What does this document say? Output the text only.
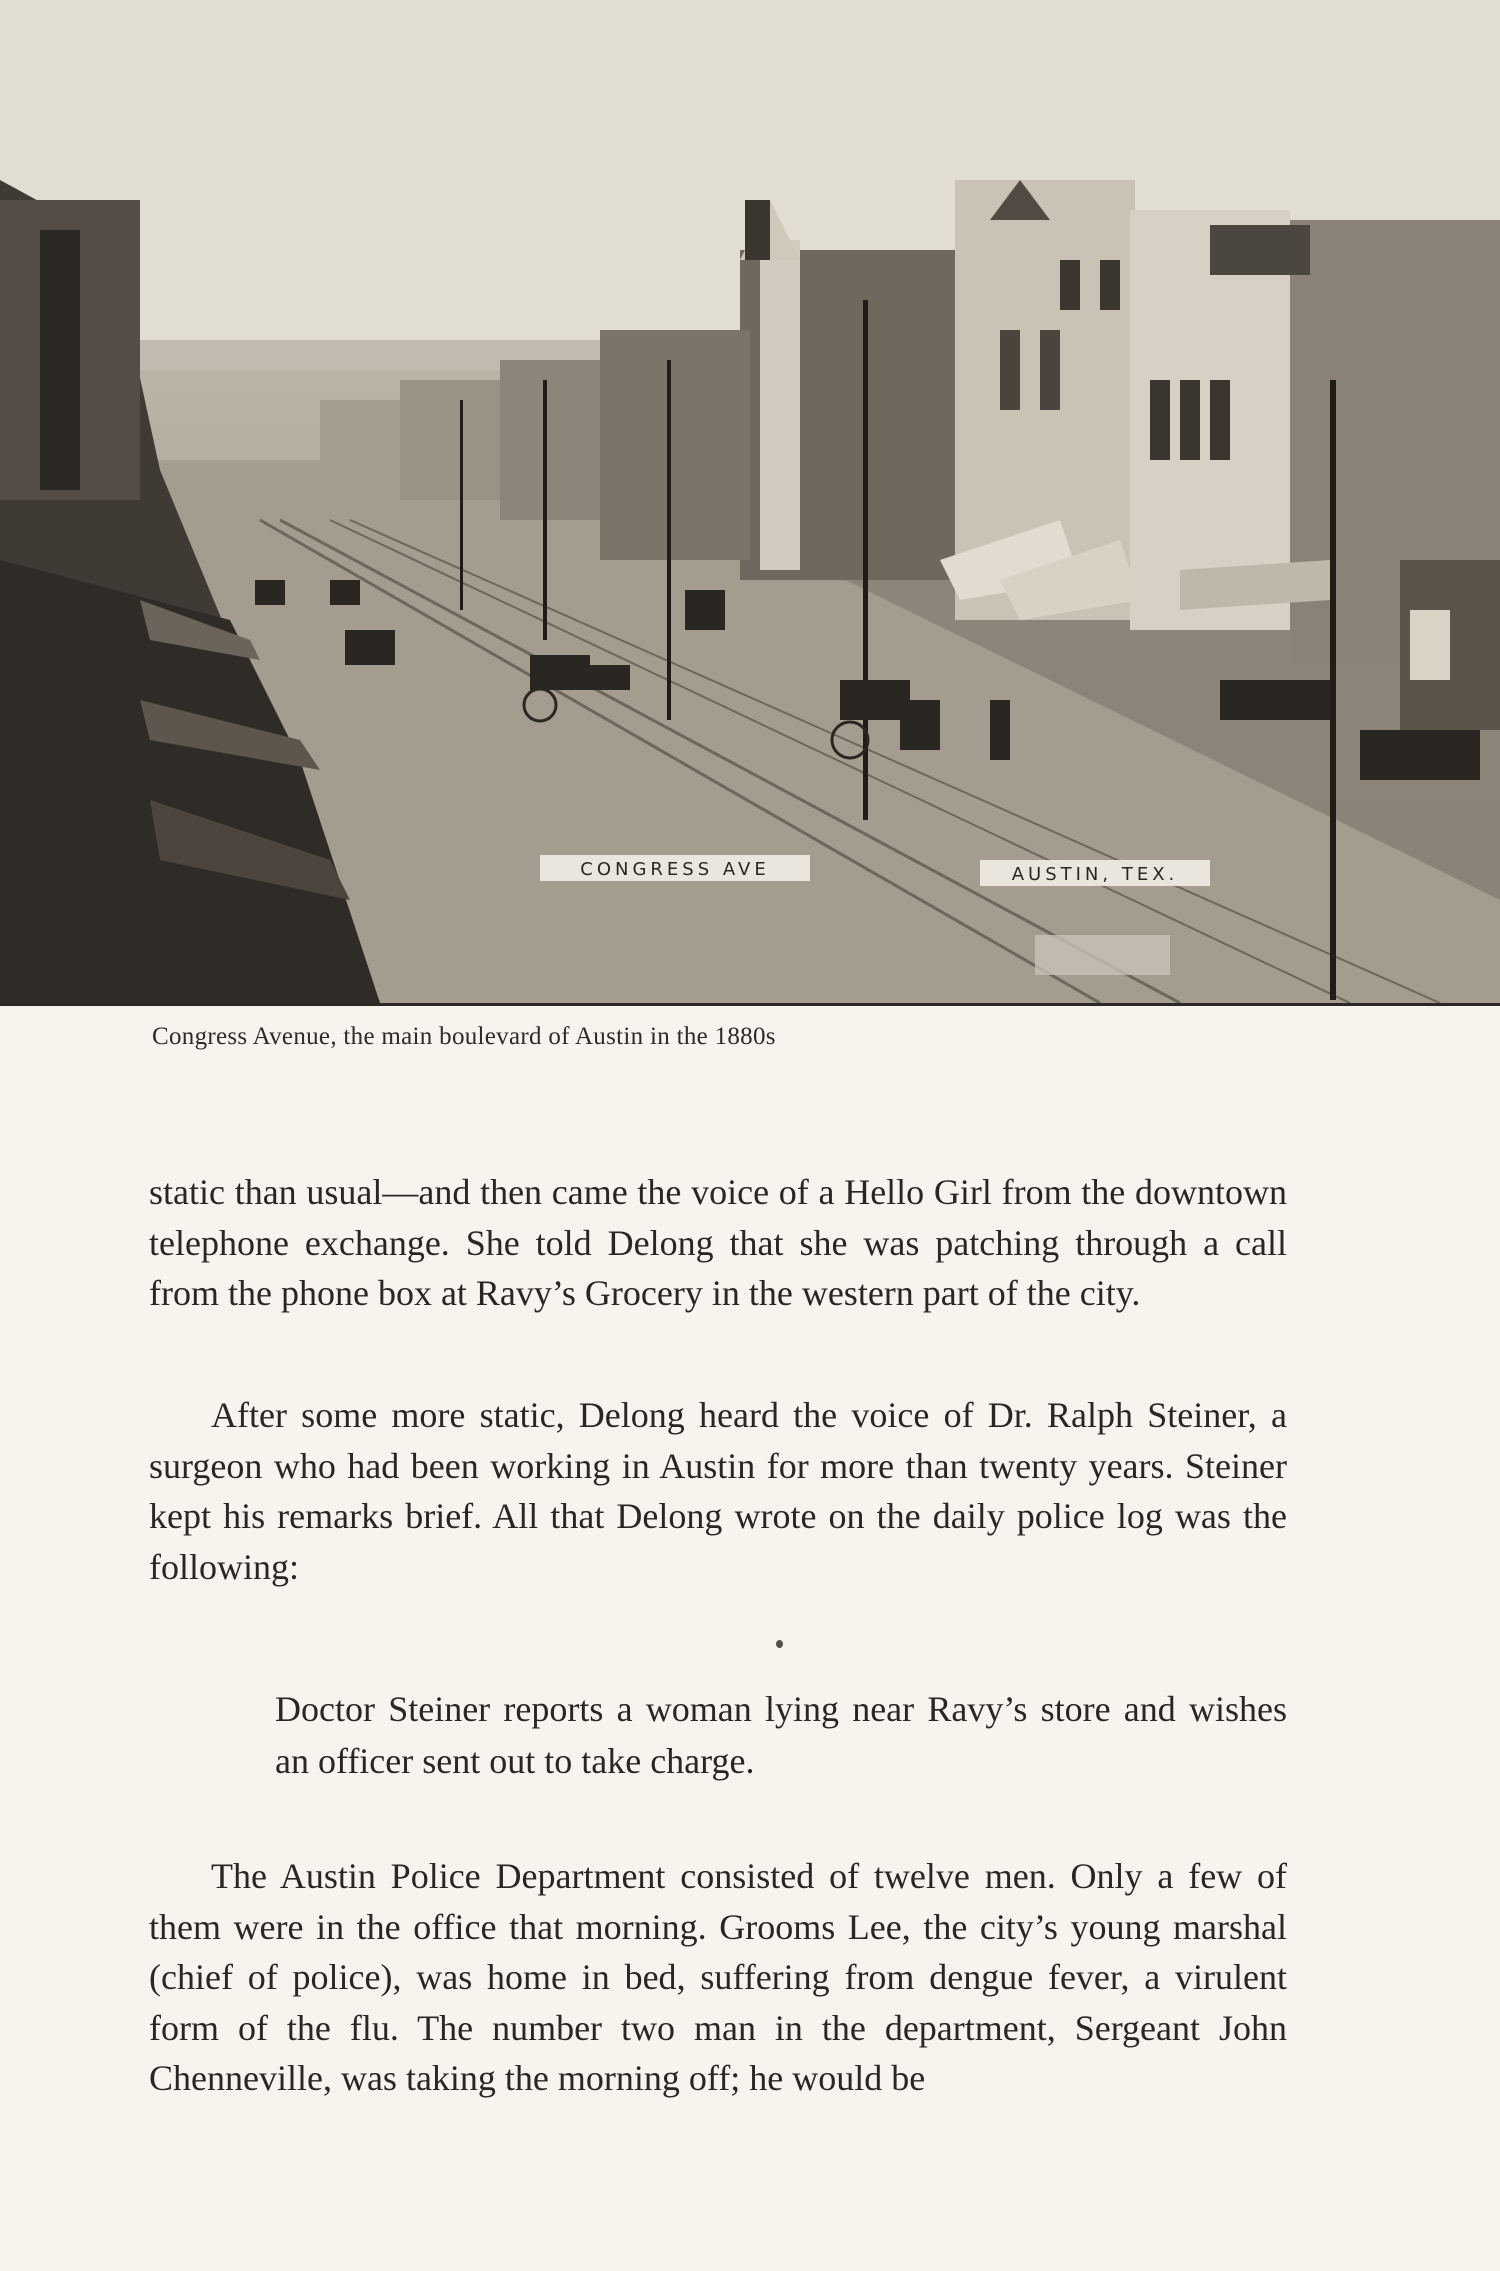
CONGRESS AVE	AUSTIN, TEX.
Congress Avenue, the main boulevard of Austin in the 1880s

static than usual—and then came the voice of a Hello Girl from the downtown telephone exchange. She told Delong that she was patching through a call from the phone box at Ravy’s Grocery in the western part of the city.

After some more static, Delong heard the voice of Dr. Ralph Steiner, a surgeon who had been working in Austin for more than twenty years. Steiner kept his remarks brief. All that Delong wrote on the daily police log was the following:

Doctor Steiner reports a woman lying near Ravy’s store and wishes an officer sent out to take charge.

The Austin Police Department consisted of twelve men. Only a few of them were in the office that morning. Grooms Lee, the city’s young marshal (chief of police), was home in bed, suffering from dengue fever, a virulent form of the flu. The number two man in the department, Sergeant John Chenneville, was taking the morning off; he would be
